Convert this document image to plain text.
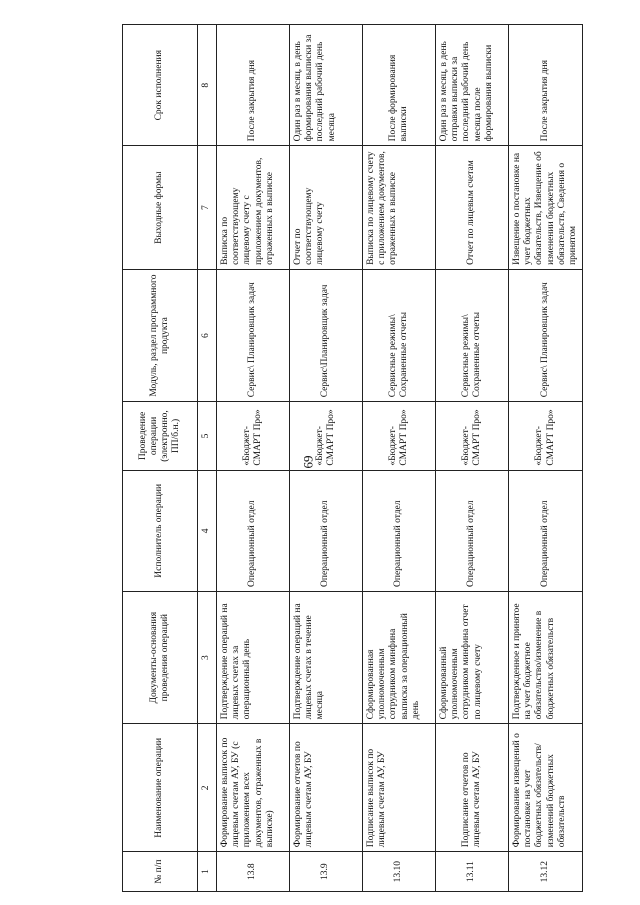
69
№ п/п	Наименование операции	Документы-основания проведения операций	Исполнитель операции	Проведение операции (электронно, ПП/б.н.)	Модуль, раздел программного продукта	Выходные формы	Срок исполнения
1	2	3	4	5	6	7	8
13.8	Формирование выписок по лицевым счетам АУ, БУ (с приложением всех документов, отраженных в выписке)	Подтверждение операций на лицевых счетах за операционный день	Операционный отдел	«Бюджет-СМАРТ Про»	Сервис\ Планировщик задач	Выписка по соответствующему лицевому счету с приложением документов, отраженных в выписке	После закрытия дня
13.9	Формирование отчетов по лицевым счетам АУ, БУ	Подтверждение операций на лицевых счетах в течение месяца	Операционный отдел	«Бюджет-СМАРТ Про»	Сервис\Планировщик задач	Отчет по соответствующему лицевому счету	Один раз в месяц, в день формирования выписки за последний рабочий день месяца
13.10	Подписание выписок по лицевым счетам АУ, БУ	Сформированная уполномоченным сотрудником минфина выписка за операционный день	Операционный отдел	«Бюджет-СМАРТ Про»	Сервисные режимы\ Сохраненные отчеты	Выписка по лицевому счету с приложением документов, отраженных в выписке	После формирования выписки
13.11	Подписание отчетов по лицевым счетам АУ, БУ	Сформированный уполномоченным сотрудником минфина отчет по лицевому счету	Операционный отдел	«Бюджет-СМАРТ Про»	Сервисные режимы\ Сохраненные отчеты	Отчет по лицевым счетам	Один раз в месяц, в день отправки выписки за последний рабочий день месяца после формирования выписки
13.12	Формирование извещений о постановке на учет бюджетных обязательств/изменений бюджетных обязательств	Подтвержденное и принятое на учет бюджетное обязательство/изменение в бюджетных обязательств	Операционный отдел	«Бюджет-СМАРТ Про»	Сервис\ Планировщик задач	Извещение о постановке на учет бюджетных обязательств, Извещение об изменении бюджетных обязательств, Сведения о принятом	После закрытия дня
